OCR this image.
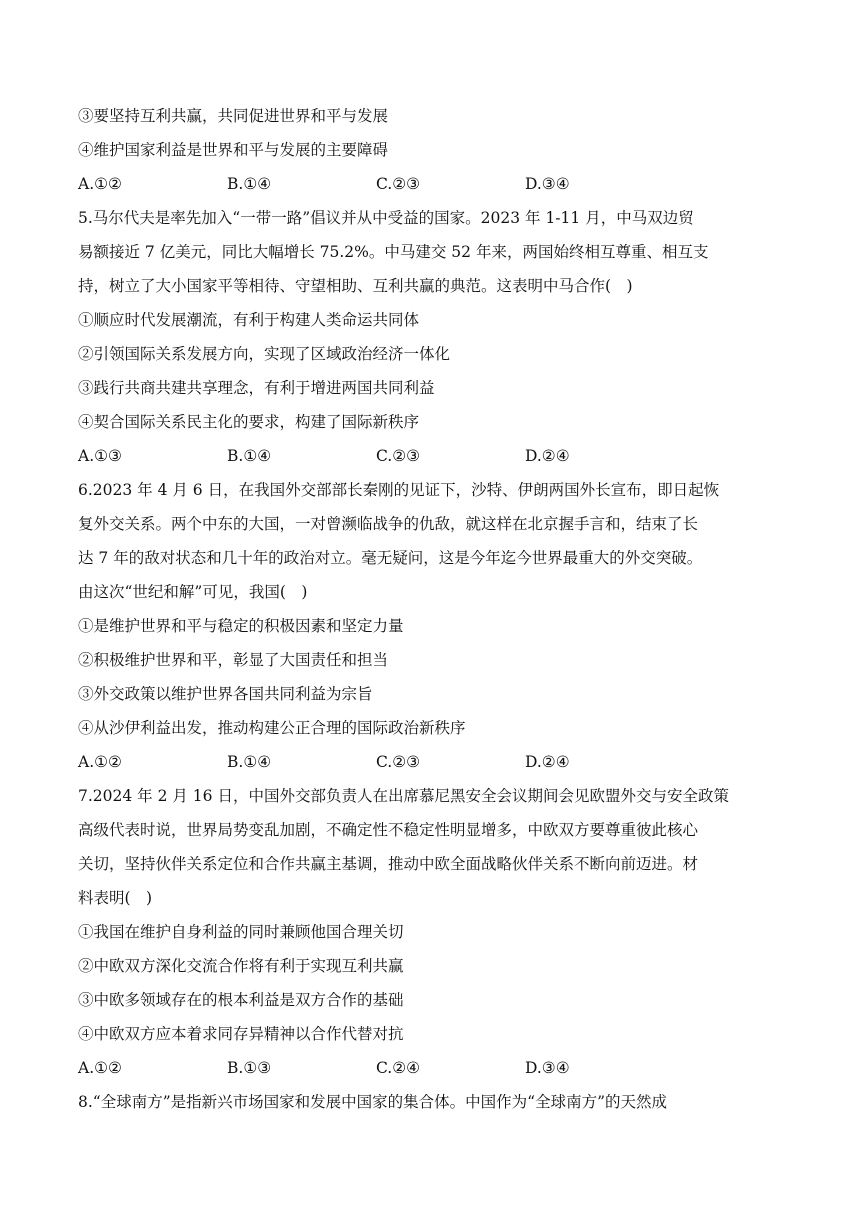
③要坚持互利共赢，共同促进世界和平与发展
④维护国家利益是世界和平与发展的主要障碍
A.①②	B.①④	C.②③	D.③④
5.马尔代夫是率先加入“一带一路”倡议并从中受益的国家。2023 年 1-11 月，中马双边贸
易额接近 7 亿美元，同比大幅增长 75.2%。中马建交 52 年来，两国始终相互尊重、相互支
持，树立了大小国家平等相待、守望相助、互利共赢的典范。这表明中马合作(　)
①顺应时代发展潮流，有利于构建人类命运共同体
②引领国际关系发展方向，实现了区域政治经济一体化
③践行共商共建共享理念，有利于增进两国共同利益
④契合国际关系民主化的要求，构建了国际新秩序
A.①③	B.①④	C.②③	D.②④
6.2023 年 4 月 6 日，在我国外交部部长秦刚的见证下，沙特、伊朗两国外长宣布，即日起恢
复外交关系。两个中东的大国，一对曾濒临战争的仇敌，就这样在北京握手言和，结束了长
达 7 年的敌对状态和几十年的政治对立。毫无疑问，这是今年迄今世界最重大的外交突破。
由这次“世纪和解”可见，我国(　)
①是维护世界和平与稳定的积极因素和坚定力量
②积极维护世界和平，彰显了大国责任和担当
③外交政策以维护世界各国共同利益为宗旨
④从沙伊利益出发，推动构建公正合理的国际政治新秩序
A.①②	B.①④	C.②③	D.②④
7.2024 年 2 月 16 日，中国外交部负责人在出席慕尼黑安全会议期间会见欧盟外交与安全政策
高级代表时说，世界局势变乱加剧，不确定性不稳定性明显增多，中欧双方要尊重彼此核心
关切，坚持伙伴关系定位和合作共赢主基调，推动中欧全面战略伙伴关系不断向前迈进。材
料表明(　)
①我国在维护自身利益的同时兼顾他国合理关切
②中欧双方深化交流合作将有利于实现互利共赢
③中欧多领域存在的根本利益是双方合作的基础
④中欧双方应本着求同存异精神以合作代替对抗
A.①②	B.①③	C.②④	D.③④
8.“全球南方”是指新兴市场国家和发展中国家的集合体。中国作为“全球南方”的天然成
